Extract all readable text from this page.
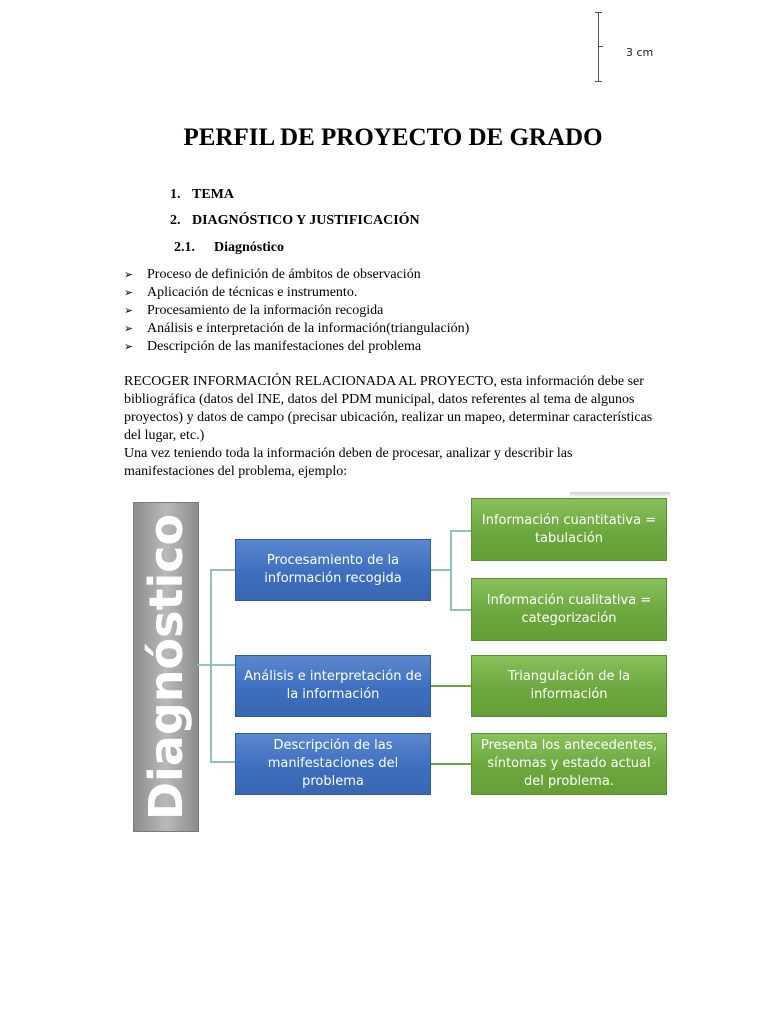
3 cm
PERFIL DE PROYECTO DE GRADO
1. TEMA
2. DIAGNÓSTICO Y JUSTIFICACIÓN
2.1. Diagnóstico
➢ Proceso de definición de ámbitos de observación
➢ Aplicación de técnicas e instrumento.
➢ Procesamiento de la información recogida
➢ Análisis e interpretación de la información(triangulación)
➢ Descripción de las manifestaciones del problema
RECOGER INFORMACIÓN RELACIONADA AL PROYECTO, esta información debe ser bibliográfica (datos del INE, datos del PDM municipal, datos referentes al tema de algunos proyectos) y datos de campo (precisar ubicación, realizar un mapeo, determinar características del lugar, etc.)
Una vez teniendo toda la información deben de procesar, analizar y describir las manifestaciones del problema, ejemplo:
Diagnóstico	Procesamiento de la información recogida
Análisis e interpretación de la información
Descripción de las manifestaciones del problema
Información cuantitativa = tabulación
Información cualitativa = categorización
Triangulación de la información
Presenta los antecedentes, síntomas y estado actual del problema.
